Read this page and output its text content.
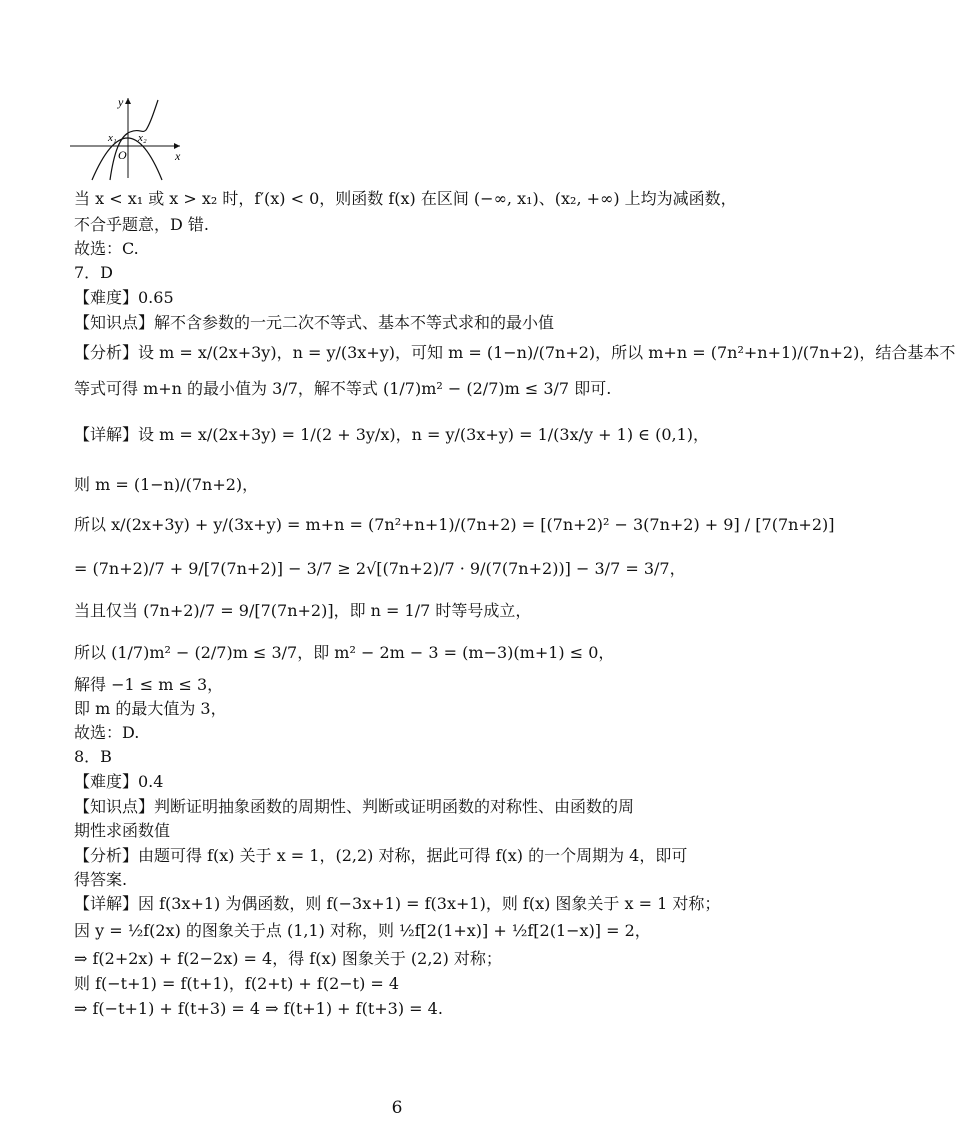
y
x
O
x₁ x₂
当 x < x₁ 或 x > x₂ 时，f′(x) < 0，则函数 f(x) 在区间 (−∞, x₁)、(x₂, +∞) 上均为减函数，
不合乎题意，D 错.
故选：C.
7．D
【难度】0.65
【知识点】解不含参数的一元二次不等式、基本不等式求和的最小值
【分析】设 m = x/(2x+3y)，n = y/(3x+y)，可知 m = (1−n)/(7n+2)，所以 m+n = (7n²+n+1)/(7n+2)，结合基本不
等式可得 m+n 的最小值为 3/7，解不等式 (1/7)m² − (2/7)m ≤ 3/7 即可.
【详解】设 m = x/(2x+3y) = 1/(2 + 3y/x)，n = y/(3x+y) = 1/(3x/y + 1) ∈ (0,1)，
则 m = (1−n)/(7n+2)，
所以 x/(2x+3y) + y/(3x+y) = m+n = (7n²+n+1)/(7n+2) = [(7n+2)² − 3(7n+2) + 9] / [7(7n+2)]
= (7n+2)/7 + 9/[7(7n+2)] − 3/7 ≥ 2√[(7n+2)/7 · 9/(7(7n+2))] − 3/7 = 3/7，
当且仅当 (7n+2)/7 = 9/[7(7n+2)]，即 n = 1/7 时等号成立，
所以 (1/7)m² − (2/7)m ≤ 3/7，即 m² − 2m − 3 = (m−3)(m+1) ≤ 0，
解得 −1 ≤ m ≤ 3，
即 m 的最大值为 3，
故选：D.
8．B
【难度】0.4
【知识点】判断证明抽象函数的周期性、判断或证明函数的对称性、由函数的周
期性求函数值
【分析】由题可得 f(x) 关于 x = 1，(2,2) 对称，据此可得 f(x) 的一个周期为 4，即可
得答案.
【详解】因 f(3x+1) 为偶函数，则 f(−3x+1) = f(3x+1)，则 f(x) 图象关于 x = 1 对称；
因 y = ½f(2x) 的图象关于点 (1,1) 对称，则 ½f[2(1+x)] + ½f[2(1−x)] = 2，
⇒ f(2+2x) + f(2−2x) = 4，得 f(x) 图象关于 (2,2) 对称；
则 f(−t+1) = f(t+1)，f(2+t) + f(2−t) = 4
⇒ f(−t+1) + f(t+3) = 4 ⇒ f(t+1) + f(t+3) = 4.
6
